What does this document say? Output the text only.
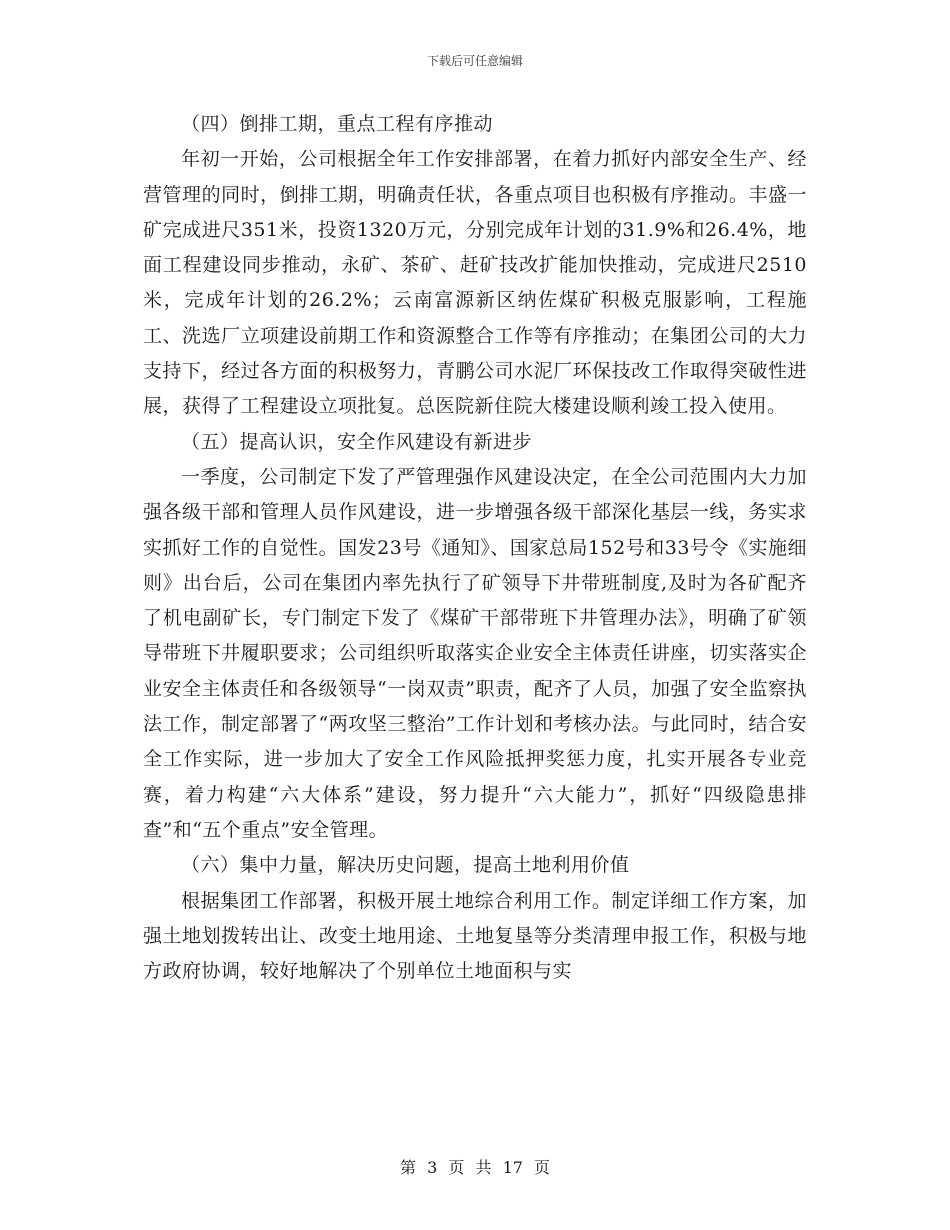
下载后可任意编辑

（四）倒排工期，重点工程有序推动

年初一开始，公司根据全年工作安排部署，在着力抓好内部安全生产、经营管理的同时，倒排工期，明确责任状，各重点项目也积极有序推动。丰盛一矿完成进尺351米，投资1320万元，分别完成年计划的31.9%和26.4%，地面工程建设同步推动，永矿、茶矿、赶矿技改扩能加快推动，完成进尺2510米，完成年计划的26.2%；云南富源新区纳佐煤矿积极克服影响，工程施工、洗选厂立项建设前期工作和资源整合工作等有序推动；在集团公司的大力支持下，经过各方面的积极努力，青鹏公司水泥厂环保技改工作取得突破性进展，获得了工程建设立项批复。总医院新住院大楼建设顺利竣工投入使用。

（五）提高认识，安全作风建设有新进步

一季度，公司制定下发了严管理强作风建设决定，在全公司范围内大力加强各级干部和管理人员作风建设，进一步增强各级干部深化基层一线，务实求实抓好工作的自觉性。国发23号《通知》、国家总局152号和33号令《实施细则》出台后，公司在集团内率先执行了矿领导下井带班制度,及时为各矿配齐了机电副矿长，专门制定下发了《煤矿干部带班下井管理办法》，明确了矿领导带班下井履职要求；公司组织听取落实企业安全主体责任讲座，切实落实企业安全主体责任和各级领导“一岗双责”职责，配齐了人员，加强了安全监察执法工作，制定部署了“两攻坚三整治”工作计划和考核办法。与此同时，结合安全工作实际，进一步加大了安全工作风险抵押奖惩力度，扎实开展各专业竞赛，着力构建“六大体系”建设，努力提升“六大能力”，抓好“四级隐患排查”和“五个重点”安全管理。

（六）集中力量，解决历史问题，提高土地利用价值

根据集团工作部署，积极开展土地综合利用工作。制定详细工作方案，加强土地划拨转出让、改变土地用途、土地复垦等分类清理申报工作，积极与地方政府协调，较好地解决了个别单位土地面积与实

第 3 页 共 17 页
